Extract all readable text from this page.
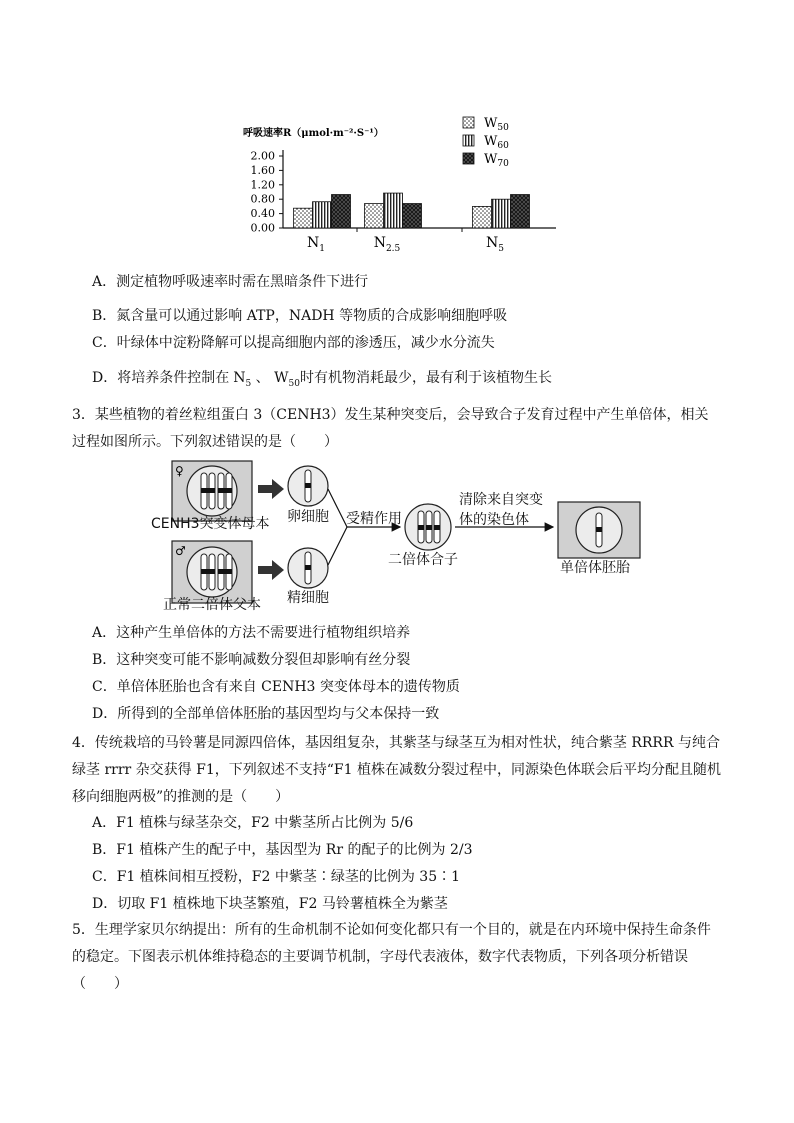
呼吸速率R（μmol·m⁻²·S⁻¹）
2.00
1.60
1.20
0.80
0.40
0.00
$N_1$	$N_{2.5}$	$N_5$
$W_{50}$
$W_{60}$
$W_{70}$
A．测定植物呼吸速率时需在黑暗条件下进行
B．氮含量可以通过影响 ATP，NADH 等物质的合成影响细胞呼吸
C．叶绿体中淀粉降解可以提高细胞内部的渗透压，减少水分流失
D．将培养条件控制在 $N_5$ 、 $W_{50}$时有机物消耗最少，最有利于该植物生长
3．某些植物的着丝粒组蛋白 3（CENH3）发生某种突变后，会导致合子发育过程中产生单倍体，相关过程如图所示。下列叙述错误的是（　　）
♀
♂
CENH3突变体母本
正常二倍体父本
卵细胞
精细胞
受精作用
二倍体合子
清除来自突变
体的染色体
单倍体胚胎
A．这种产生单倍体的方法不需要进行植物组织培养
B．这种突变可能不影响减数分裂但却影响有丝分裂
C．单倍体胚胎也含有来自 CENH3 突变体母本的遗传物质
D．所得到的全部单倍体胚胎的基因型均与父本保持一致
4．传统栽培的马铃薯是同源四倍体，基因组复杂，其紫茎与绿茎互为相对性状，纯合紫茎 RRRR 与纯合绿茎 rrrr 杂交获得 F1，下列叙述不支持“F1 植株在减数分裂过程中，同源染色体联会后平均分配且随机移向细胞两极”的推测的是（　　）
A．F1 植株与绿茎杂交，F2 中紫茎所占比例为 5/6
B．F1 植株产生的配子中，基因型为 Rr 的配子的比例为 2/3
C．F1 植株间相互授粉，F2 中紫茎∶绿茎的比例为 35∶1
D．切取 F1 植株地下块茎繁殖，F2 马铃薯植株全为紫茎
5．生理学家贝尔纳提出：所有的生命机制不论如何变化都只有一个目的，就是在内环境中保持生命条件的稳定。下图表示机体维持稳态的主要调节机制，字母代表液体，数字代表物质，下列各项分析错误（　　）
